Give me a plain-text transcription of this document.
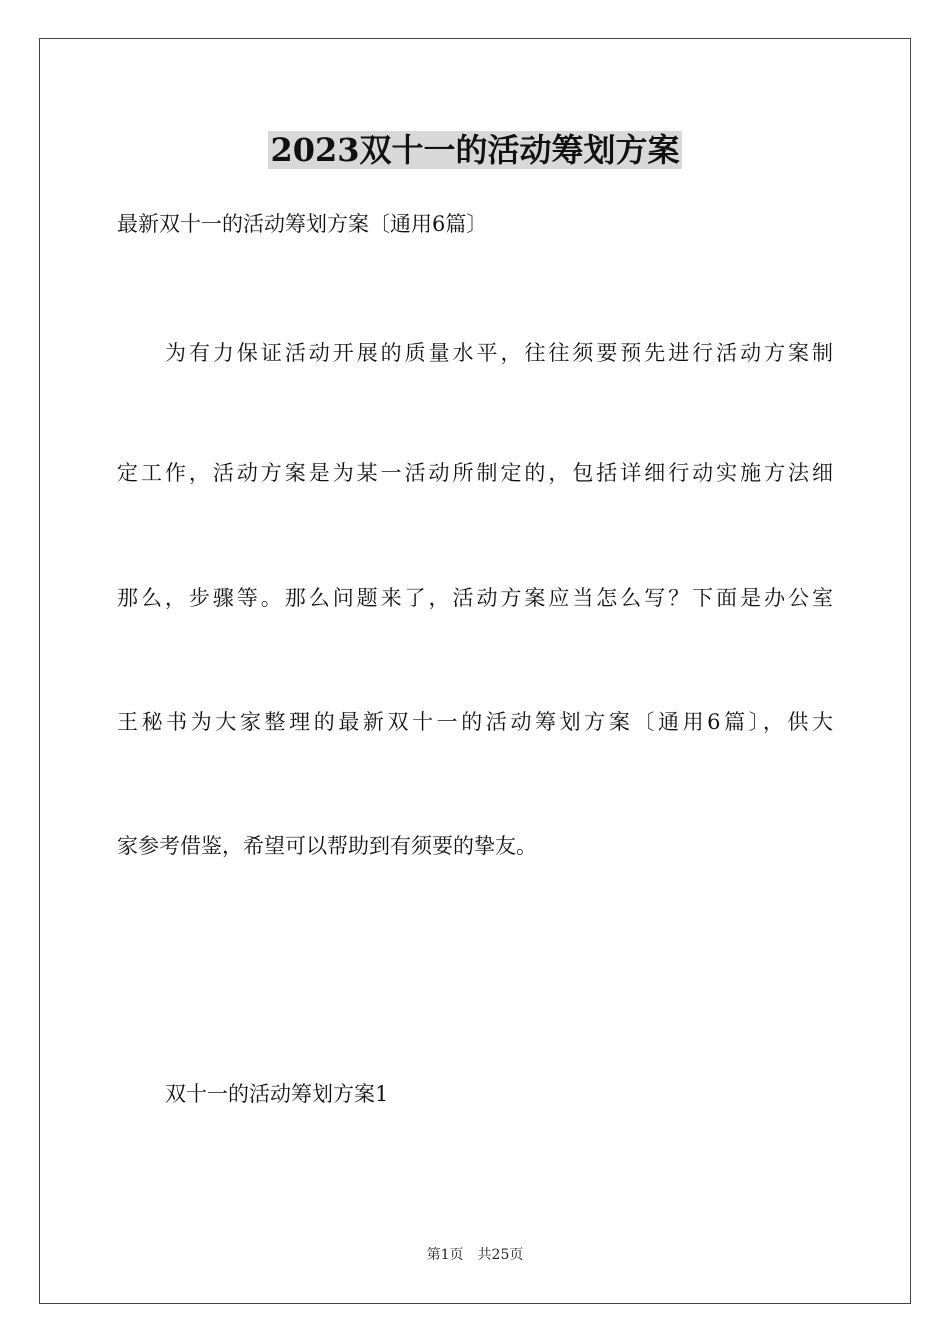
2023双十一的活动筹划方案

最新双十一的活动筹划方案〔通用6篇〕

为有力保证活动开展的质量水平，往往须要预先进行活动方案制

定工作，活动方案是为某一活动所制定的，包括详细行动实施方法细

那么，步骤等。那么问题来了，活动方案应当怎么写？下面是办公室

王秘书为大家整理的最新双十一的活动筹划方案〔通用6篇〕，供大

家参考借鉴，希望可以帮助到有须要的挚友。

双十一的活动筹划方案1

第1页 共25页
